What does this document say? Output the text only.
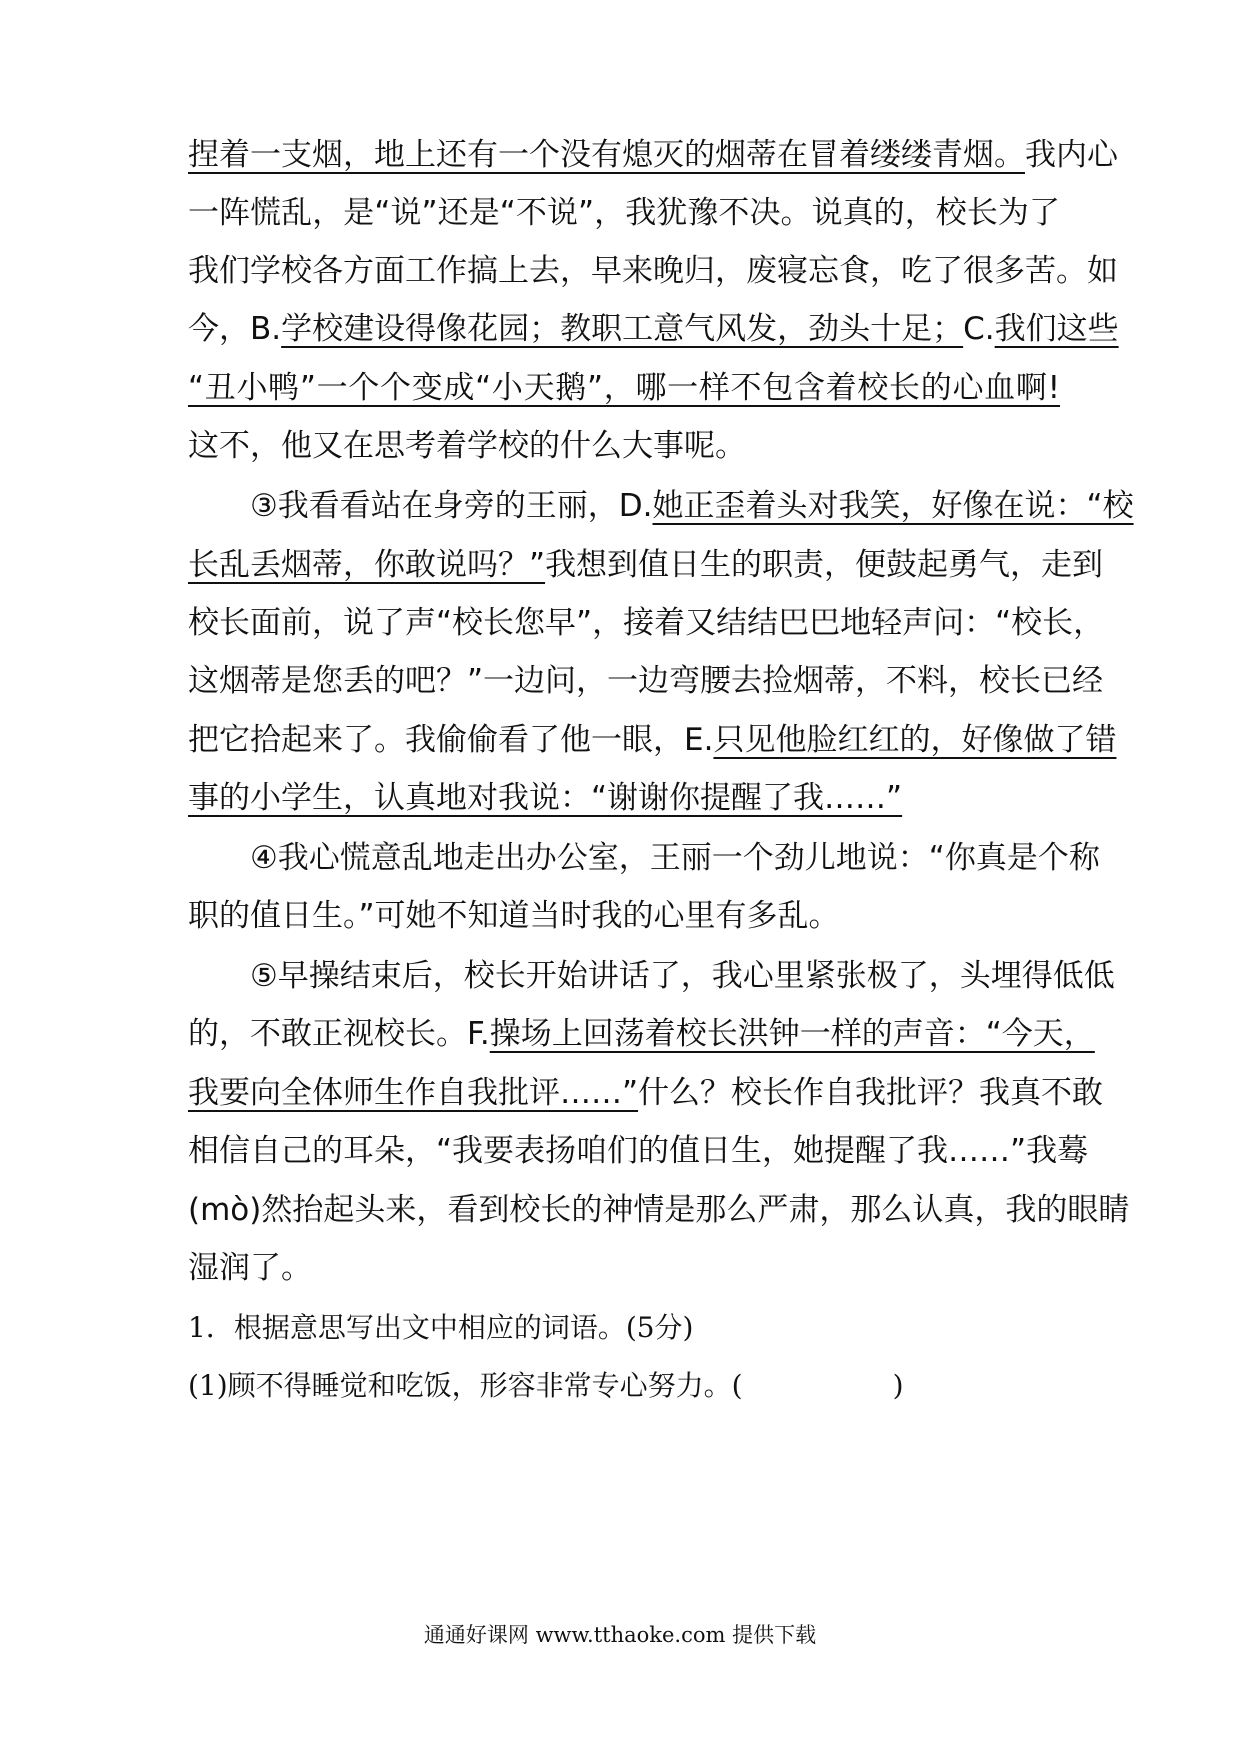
捏着一支烟，地上还有一个没有熄灭的烟蒂在冒着缕缕青烟。我内心
一阵慌乱，是“说”还是“不说”，我犹豫不决。说真的，校长为了
我们学校各方面工作搞上去，早来晚归，废寝忘食，吃了很多苦。如
今，B.学校建设得像花园；教职工意气风发，劲头十足；C.我们这些
“丑小鸭”一个个变成“小天鹅”，哪一样不包含着校长的心血啊!
这不，他又在思考着学校的什么大事呢。
　　③我看看站在身旁的王丽，D.她正歪着头对我笑，好像在说：“校
长乱丢烟蒂，你敢说吗？”我想到值日生的职责，便鼓起勇气，走到
校长面前，说了声“校长您早”，接着又结结巴巴地轻声问：“校长，
这烟蒂是您丢的吧？”一边问，一边弯腰去捡烟蒂，不料，校长已经
把它拾起来了。我偷偷看了他一眼，E.只见他脸红红的，好像做了错
事的小学生，认真地对我说：“谢谢你提醒了我……”
　　④我心慌意乱地走出办公室，王丽一个劲儿地说：“你真是个称
职的值日生。”可她不知道当时我的心里有多乱。
　　⑤早操结束后，校长开始讲话了，我心里紧张极了，头埋得低低
的，不敢正视校长。F.操场上回荡着校长洪钟一样的声音：“今天，
我要向全体师生作自我批评……”什么？校长作自我批评？我真不敢
相信自己的耳朵，“我要表扬咱们的值日生，她提醒了我……”我蓦
(mò)然抬起头来，看到校长的神情是那么严肃，那么认真，我的眼睛
湿润了。
1．根据意思写出文中相应的词语。(5分)
(1)顾不得睡觉和吃饭，形容非常专心努力。(	)
通通好课网 www.tthaoke.com 提供下载
